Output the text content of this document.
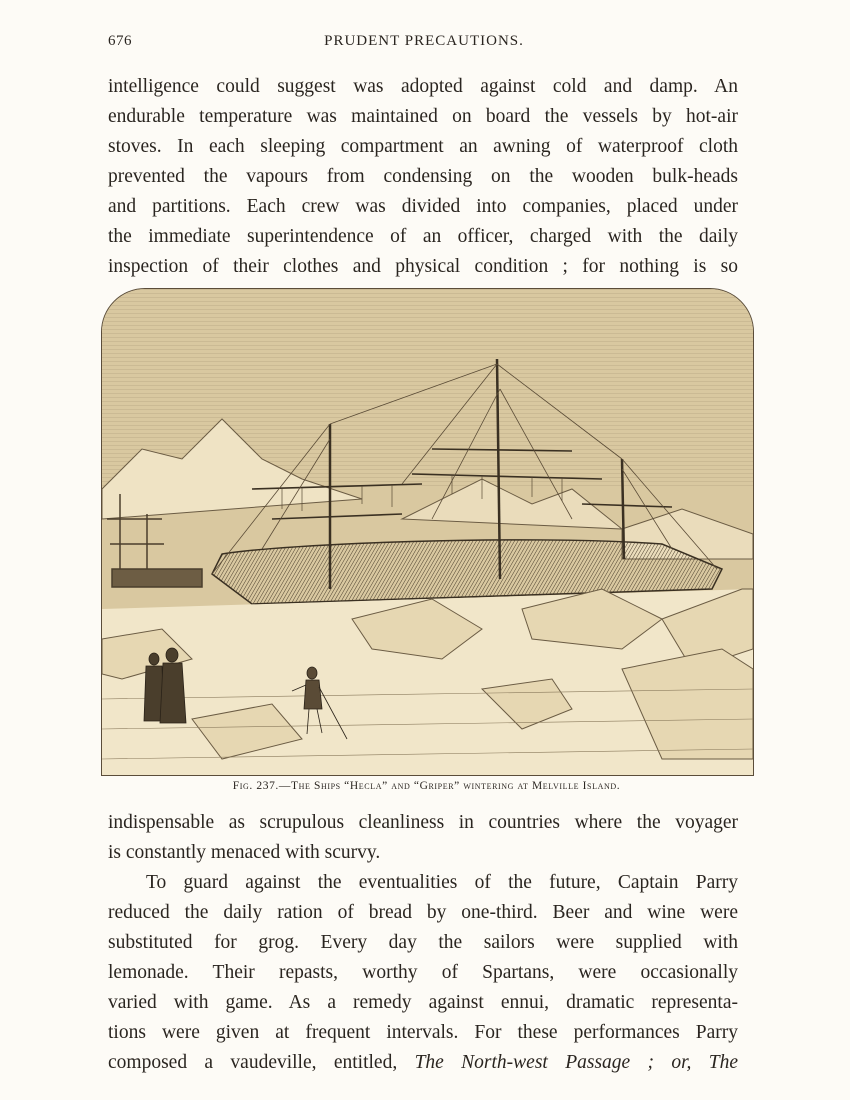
676	PRUDENT PRECAUTIONS.
intelligence could suggest was adopted against cold and damp. An
endurable temperature was maintained on board the vessels by hot-air
stoves. In each sleeping compartment an awning of waterproof cloth
prevented the vapours from condensing on the wooden bulk-heads
and partitions. Each crew was divided into companies, placed under
the immediate superintendence of an officer, charged with the daily
inspection of their clothes and physical condition ; for nothing is so
Fig. 237.—The Ships “Hecla” and “Griper” wintering at Melville Island.
indispensable as scrupulous cleanliness in countries where the voyager
is constantly menaced with scurvy.
To guard against the eventualities of the future, Captain Parry
reduced the daily ration of bread by one-third. Beer and wine were
substituted for grog. Every day the sailors were supplied with
lemonade. Their repasts, worthy of Spartans, were occasionally
varied with game. As a remedy against ennui, dramatic representa-
tions were given at frequent intervals. For these performances Parry
composed a vaudeville, entitled, The North-west Passage ; or, The
